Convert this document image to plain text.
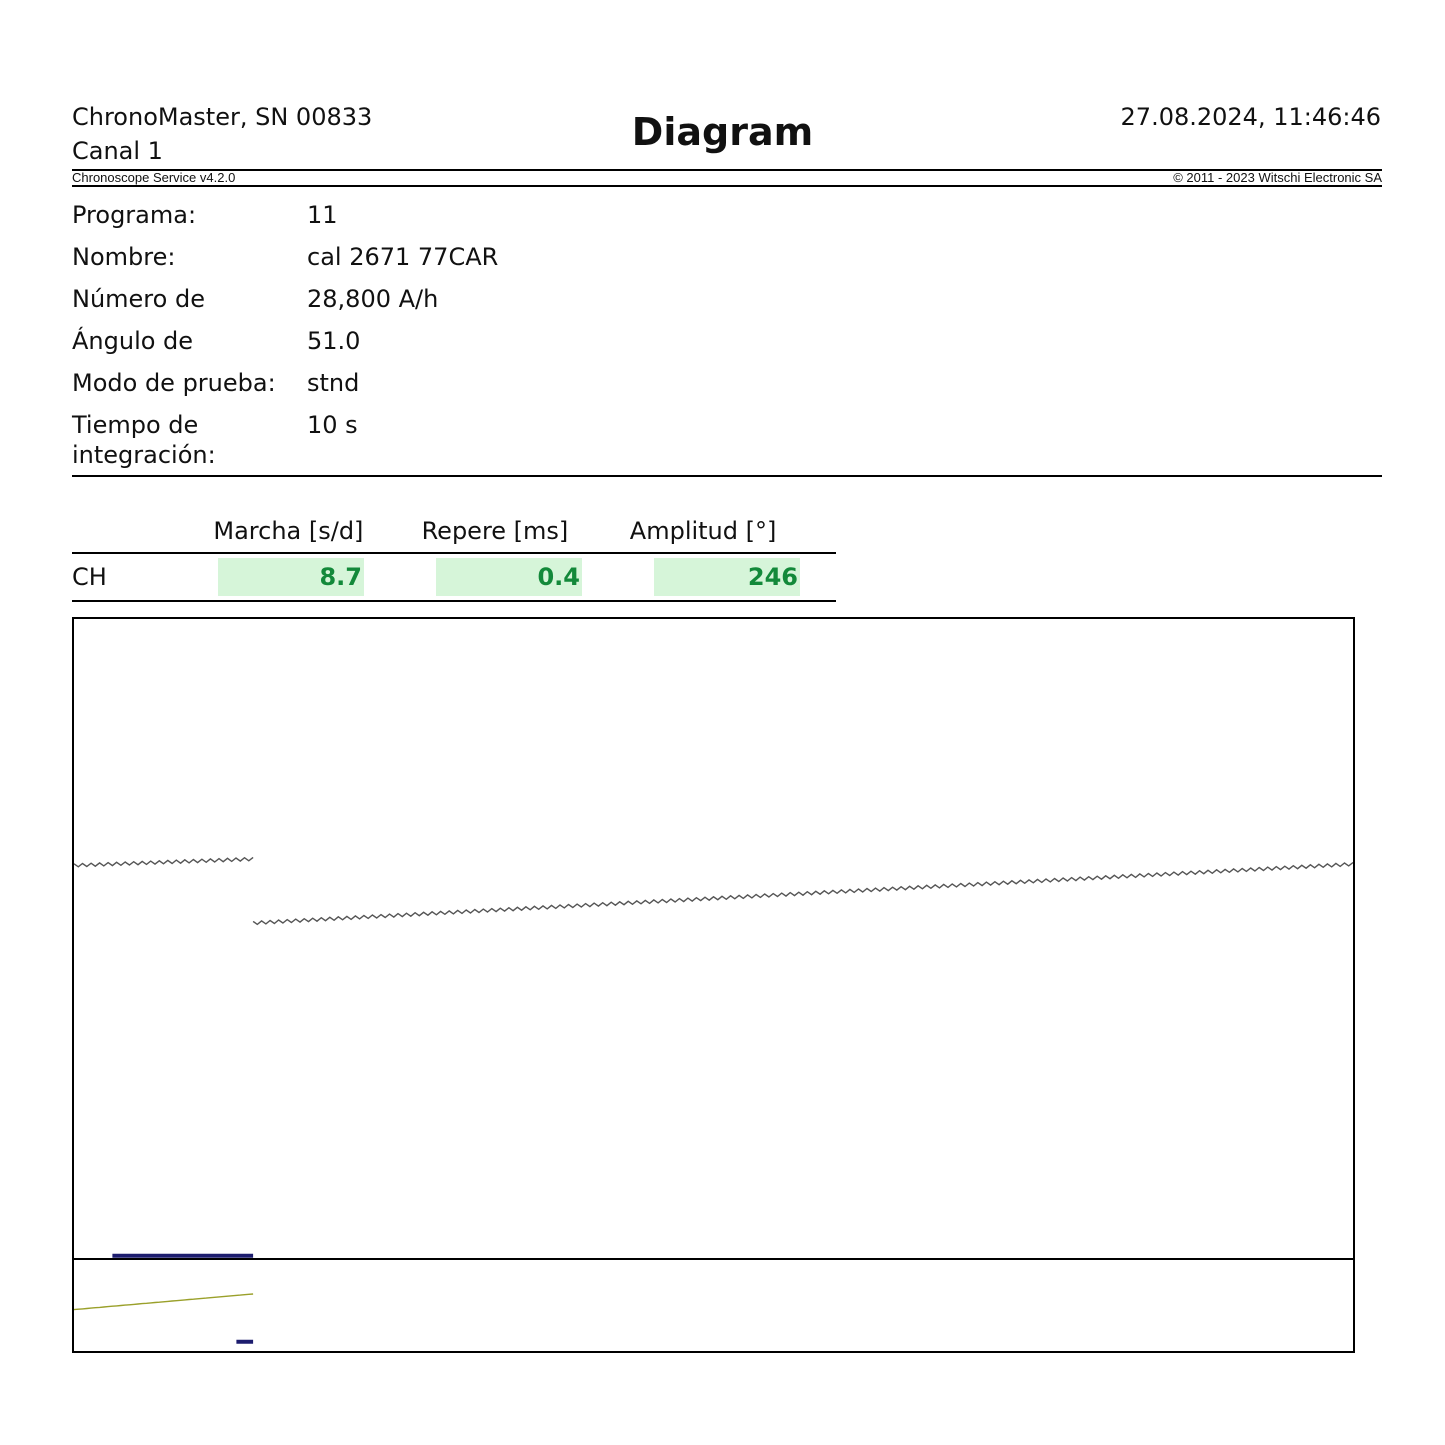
ChronoMaster, SN 00833
Canal 1	Diagram	27.08.2024, 11:46:46
Chronoscope Service v4.2.0	© 2011 - 2023 Witschi Electronic SA
Programa:	11
Nombre:	cal 2671 77CAR
Número de	28,800 A/h
Ángulo de	51.0
Modo de prueba:	stnd
Tiempo de
integración:
10 s
Marcha [s/d]	Repere [ms]	Amplitud [°]
CH	8.7	0.4	246
